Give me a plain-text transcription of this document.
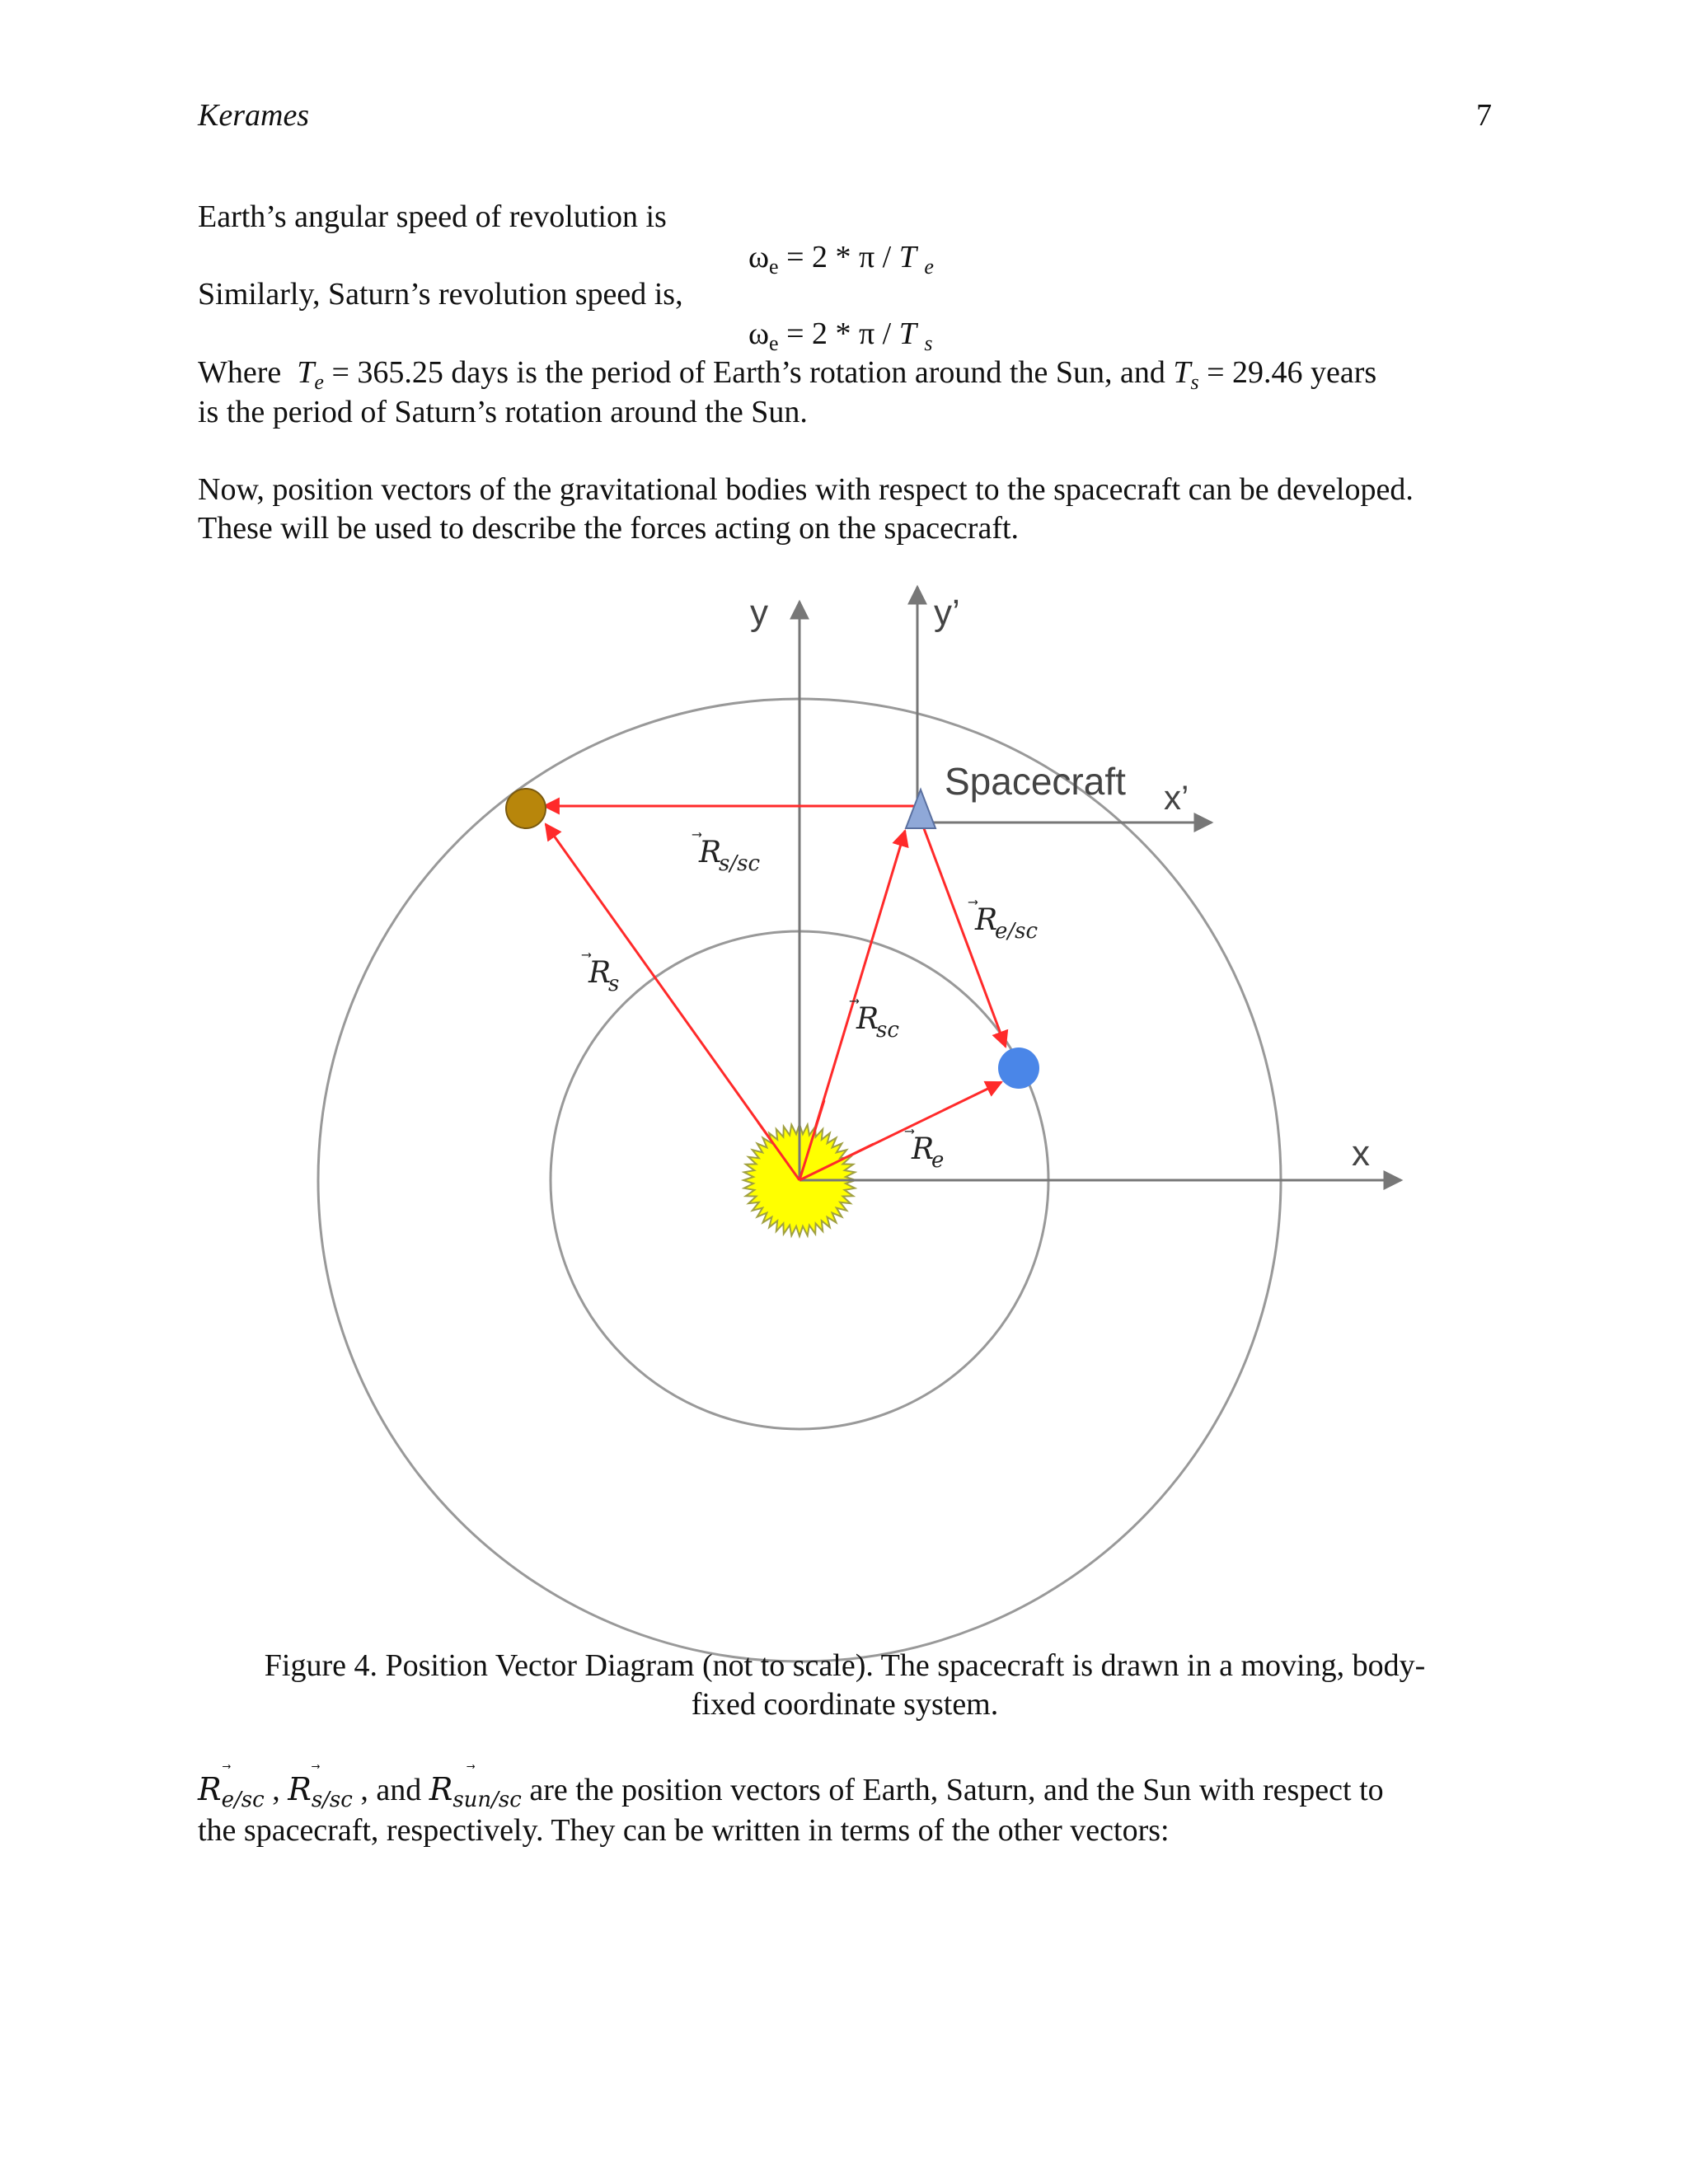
Kerames	7
Earth’s angular speed of revolution is
$\omega_e = 2 * \pi / T$ $_e$
Similarly, Saturn’s revolution speed is,
$\omega_e = 2 * \pi / T$ $_s$
Where $T_e = 365.25$ days is the period of Earth’s rotation around the Sun, and $T_s = 29.46$ years
is the period of Saturn’s rotation around the Sun.
Now, position vectors of the gravitational bodies with respect to the spacecraft can be developed.
These will be used to describe the forces acting on the spacecraft.
y	y’
x
x’
Spacecraft
R
s/sc
R
e/sc
R
s
R
sc
R
e
Figure 4. Position Vector Diagram (not to scale). The spacecraft is drawn in a moving, body-
fixed coordinate system.
$R_{e/sc}$ , $R_{s/sc}$ , and $R_{sun/sc}$ are the position vectors of Earth, Saturn, and the Sun with respect to
the spacecraft, respectively. They can be written in terms of the other vectors:
